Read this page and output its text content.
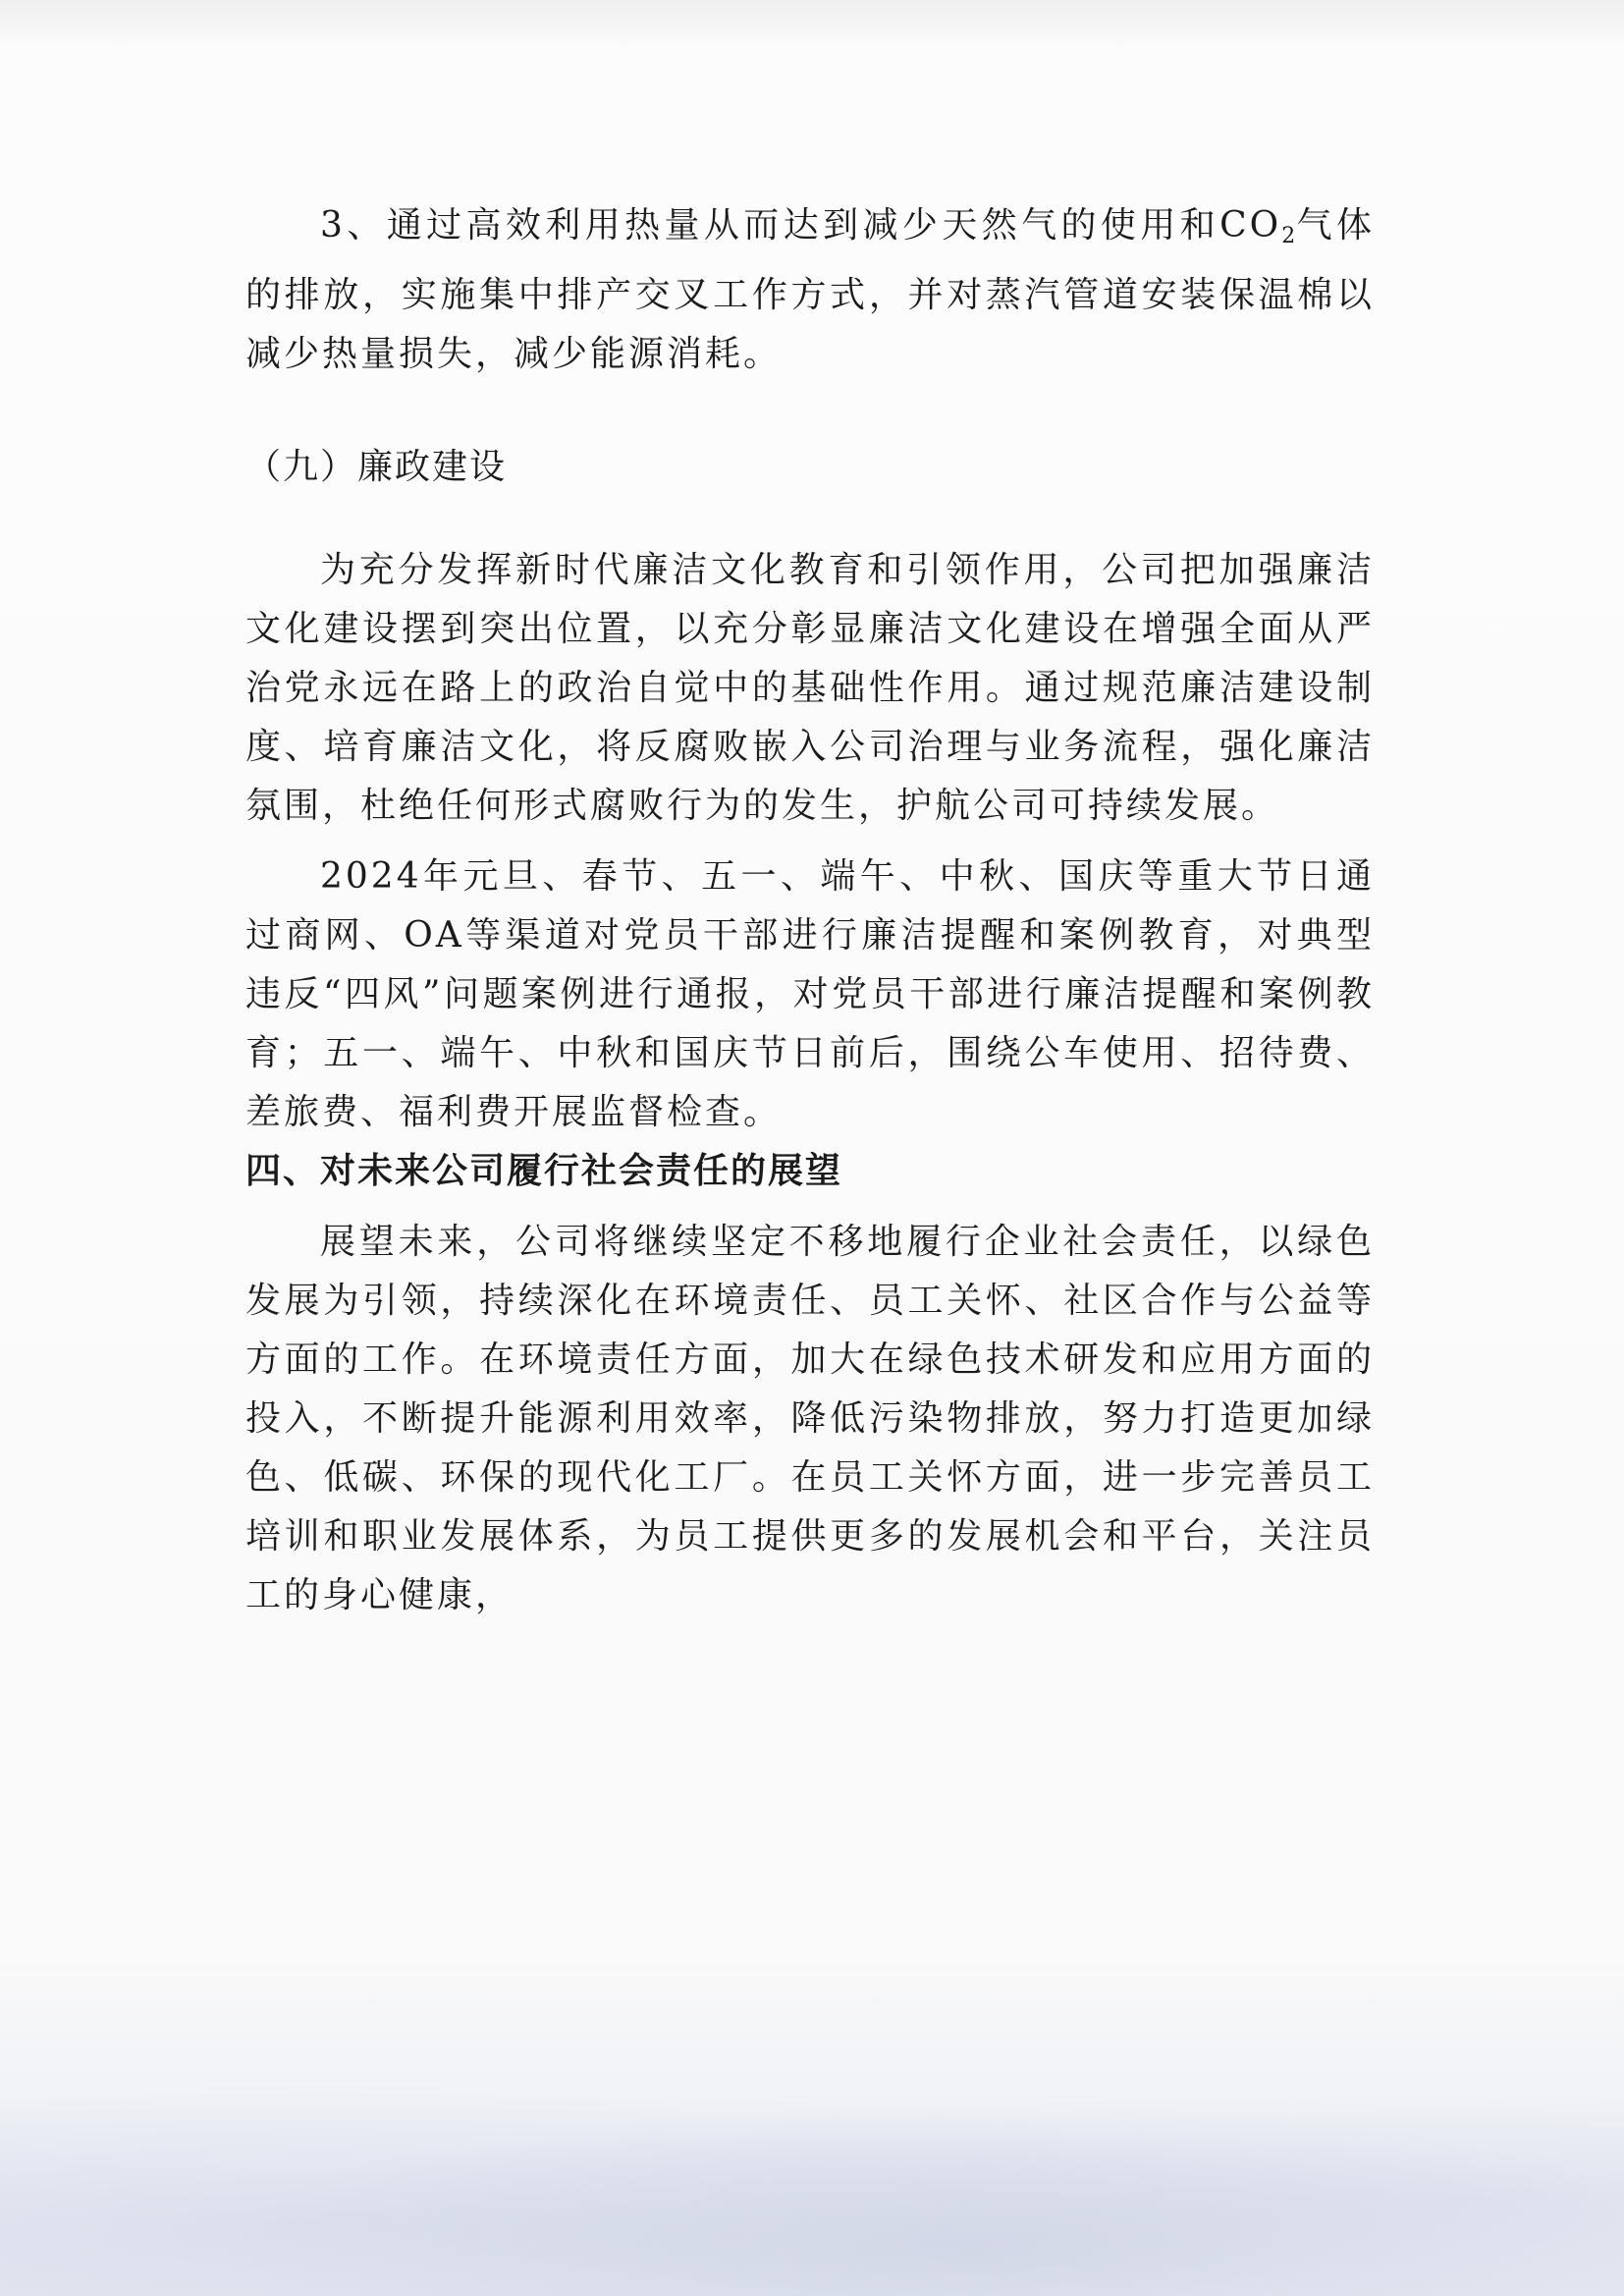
3、通过高效利用热量从而达到减少天然气的使用和$CO_2$气体的排放，实施集中排产交叉工作方式，并对蒸汽管道安装保温棉以减少热量损失，减少能源消耗。

（九）廉政建设

为充分发挥新时代廉洁文化教育和引领作用，公司把加强廉洁文化建设摆到突出位置，以充分彰显廉洁文化建设在增强全面从严治党永远在路上的政治自觉中的基础性作用。通过规范廉洁建设制度、培育廉洁文化，将反腐败嵌入公司治理与业务流程，强化廉洁氛围，杜绝任何形式腐败行为的发生，护航公司可持续发展。

2024年元旦、春节、五一、端午、中秋、国庆等重大节日通过商网、OA等渠道对党员干部进行廉洁提醒和案例教育，对典型违反“四风”问题案例进行通报，对党员干部进行廉洁提醒和案例教育；五一、端午、中秋和国庆节日前后，围绕公车使用、招待费、差旅费、福利费开展监督检查。

四、对未来公司履行社会责任的展望

展望未来，公司将继续坚定不移地履行企业社会责任，以绿色发展为引领，持续深化在环境责任、员工关怀、社区合作与公益等方面的工作。在环境责任方面，加大在绿色技术研发和应用方面的投入，不断提升能源利用效率，降低污染物排放，努力打造更加绿色、低碳、环保的现代化工厂。在员工关怀方面，进一步完善员工培训和职业发展体系，为员工提供更多的发展机会和平台，关注员工的身心健康，
